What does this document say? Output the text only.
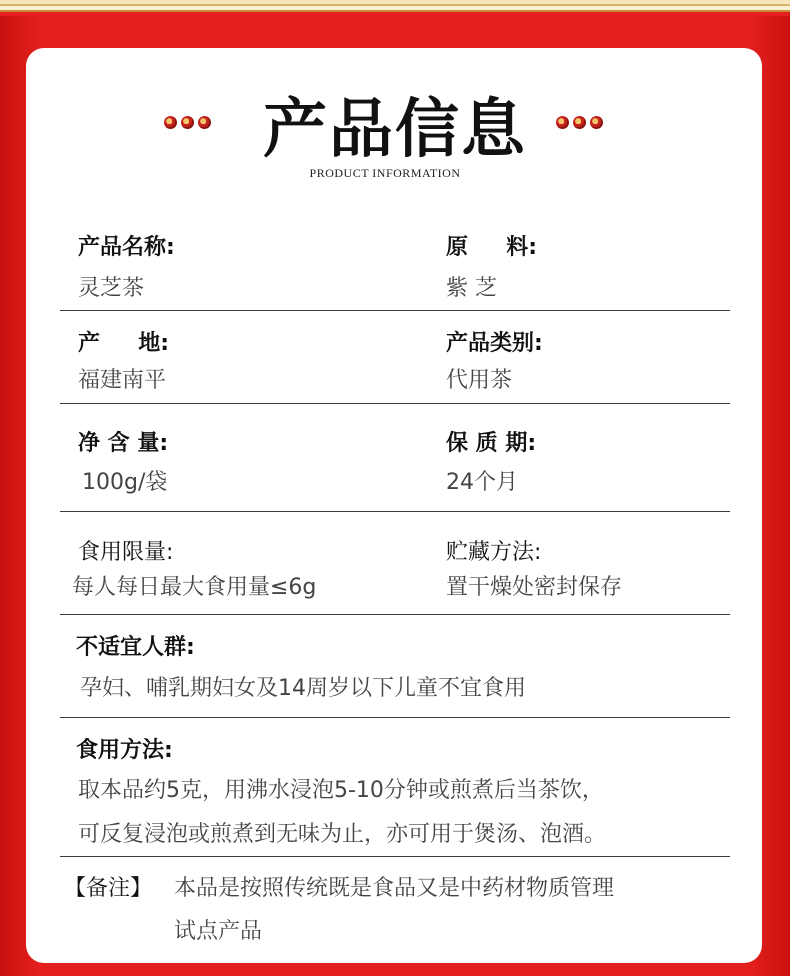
产品信息
PRODUCT INFORMATION
产品名称:
灵芝茶
原     料:
紫 芝
产     地:
福建南平
产品类别:
代用茶
净 含 量:
100g/袋
保 质 期:
24个月
食用限量:
每人每日最大食用量≤6g
贮藏方法:
置干燥处密封保存
不适宜人群:
孕妇、哺乳期妇女及14周岁以下儿童不宜食用
食用方法:
取本品约5克，用沸水浸泡5-10分钟或煎煮后当茶饮，
可反复浸泡或煎煮到无味为止，亦可用于煲汤、泡酒。
【备注】 本品是按照传统既是食品又是中药材物质管理
试点产品
